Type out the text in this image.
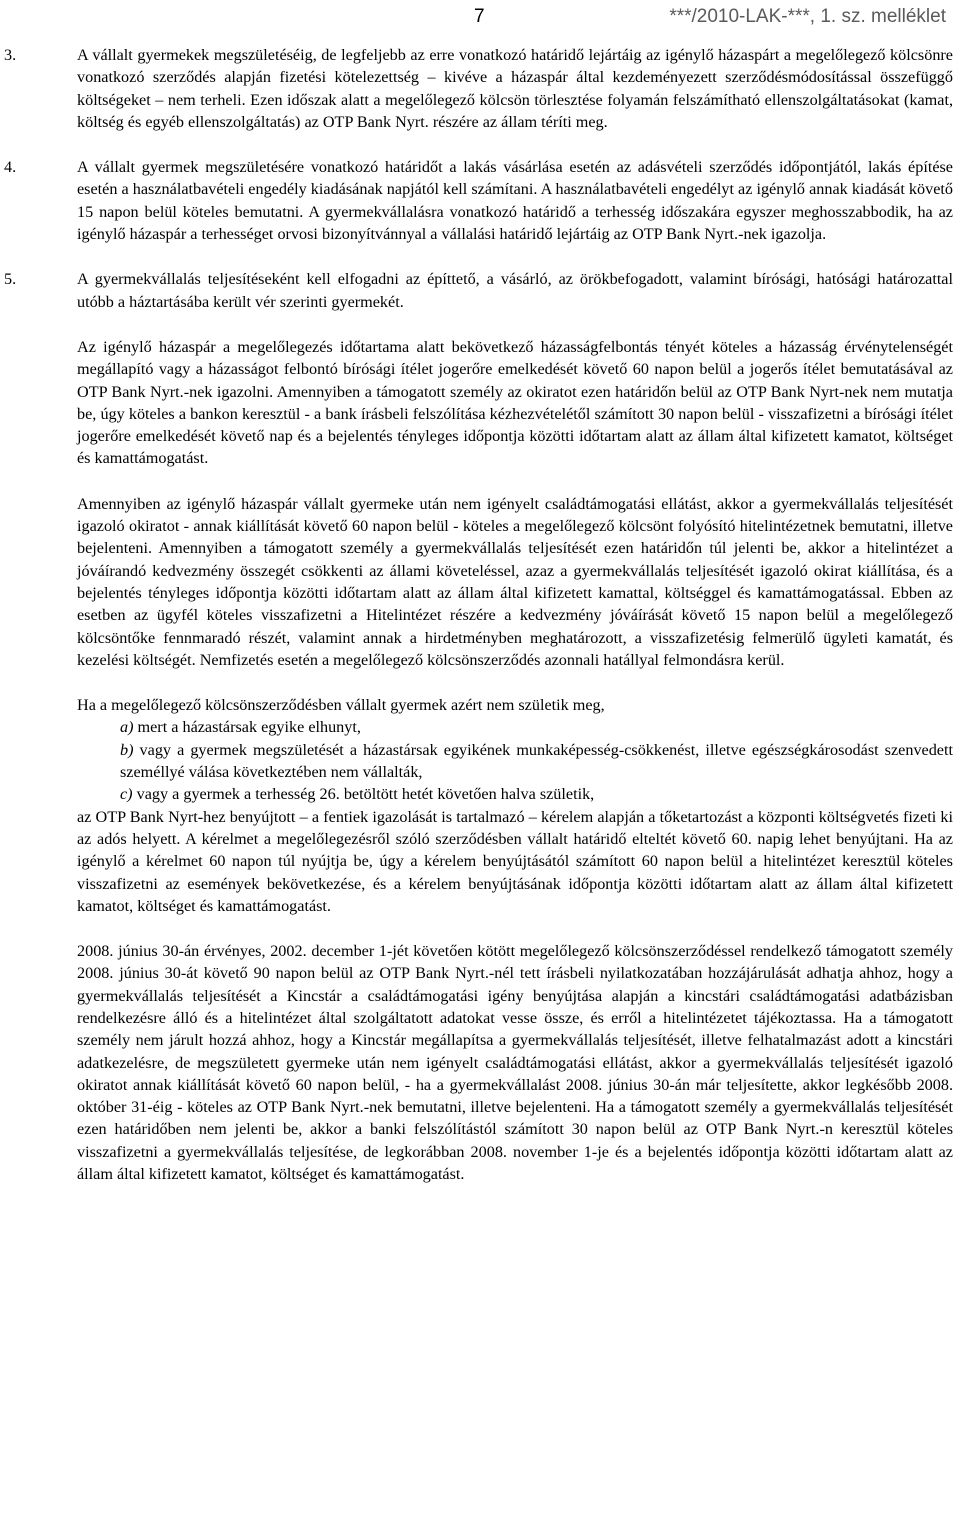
7	***/2010-LAK-***, 1. sz. melléklet
3.	A vállalt gyermekek megszületéséig, de legfeljebb az erre vonatkozó határidő lejártáig az igénylő házaspárt a megelőlegező kölcsönre vonatkozó szerződés alapján fizetési kötelezettség – kivéve a házaspár által kezdeményezett szerződésmódosítással összefüggő költségeket – nem terheli. Ezen időszak alatt a megelőlegező kölcsön törlesztése folyamán felszámítható ellenszolgáltatásokat (kamat, költség és egyéb ellenszolgáltatás) az OTP Bank Nyrt. részére az állam téríti meg.

4.	A vállalt gyermek megszületésére vonatkozó határidőt a lakás vásárlása esetén az adásvételi szerződés időpontjától, lakás építése esetén a használatbavételi engedély kiadásának napjától kell számítani. A használatbavételi engedélyt az igénylő annak kiadását követő 15 napon belül köteles bemutatni. A gyermekvállalásra vonatkozó határidő a terhesség időszakára egyszer meghosszabbodik, ha az igénylő házaspár a terhességet orvosi bizonyítvánnyal a vállalási határidő lejártáig az OTP Bank Nyrt.-nek igazolja.

5.	A gyermekvállalás teljesítéseként kell elfogadni az építtető, a vásárló, az örökbefogadott, valamint bírósági, hatósági határozattal utóbb a háztartásába került vér szerinti gyermekét.

Az igénylő házaspár a megelőlegezés időtartama alatt bekövetkező házasságfelbontás tényét köteles a házasság érvénytelenségét megállapító vagy a házasságot felbontó bírósági ítélet jogerőre emelkedését követő 60 napon belül a jogerős ítélet bemutatásával az OTP Bank Nyrt.-nek igazolni. Amennyiben a támogatott személy az okiratot ezen határidőn belül az OTP Bank Nyrt-nek nem mutatja be, úgy köteles a bankon keresztül - a bank írásbeli felszólítása kézhezvételétől számított 30 napon belül - visszafizetni a bírósági ítélet jogerőre emelkedését követő nap és a bejelentés tényleges időpontja közötti időtartam alatt az állam által kifizetett kamatot, költséget és kamattámogatást.

Amennyiben az igénylő házaspár vállalt gyermeke után nem igényelt családtámogatási ellátást, akkor a gyermekvállalás teljesítését igazoló okiratot - annak kiállítását követő 60 napon belül - köteles a megelőlegező kölcsönt folyósító hitelintézetnek bemutatni, illetve bejelenteni. Amennyiben a támogatott személy a gyermekvállalás teljesítését ezen határidőn túl jelenti be, akkor a hitelintézet a jóváírandó kedvezmény összegét csökkenti az állami követeléssel, azaz a gyermekvállalás teljesítését igazoló okirat kiállítása, és a bejelentés tényleges időpontja közötti időtartam alatt az állam által kifizetett kamattal, költséggel és kamattámogatással. Ebben az esetben az ügyfél köteles visszafizetni a Hitelintézet részére a kedvezmény jóváírását követő 15 napon belül a megelőlegező kölcsöntőke fennmaradó részét, valamint annak a hirdetményben meghatározott, a visszafizetésig felmerülő ügyleti kamatát, és kezelési költségét. Nemfizetés esetén a megelőlegező kölcsönszerződés azonnali hatállyal felmondásra kerül.

Ha a megelőlegező kölcsönszerződésben vállalt gyermek azért nem születik meg,

a) mert a házastársak egyike elhunyt,

b) vagy a gyermek megszületését a házastársak egyikének munkaképesség-csökkenést, illetve egészségkárosodást szenvedett személlyé válása következtében nem vállalták,

c) vagy a gyermek a terhesség 26. betöltött hetét követően halva születik,

az OTP Bank Nyrt-hez benyújtott – a fentiek igazolását is tartalmazó – kérelem alapján a tőketartozást a központi költségvetés fizeti ki az adós helyett. A kérelmet a megelőlegezésről szóló szerződésben vállalt határidő elteltét követő 60. napig lehet benyújtani. Ha az igénylő a kérelmet 60 napon túl nyújtja be, úgy a kérelem benyújtásától számított 60 napon belül a hitelintézet keresztül köteles visszafizetni az események bekövetkezése, és a kérelem benyújtásának időpontja közötti időtartam alatt az állam által kifizetett kamatot, költséget és kamattámogatást.

2008. június 30-án érvényes, 2002. december 1-jét követően kötött megelőlegező kölcsönszerződéssel rendelkező támogatott személy 2008. június 30-át követő 90 napon belül az OTP Bank Nyrt.-nél tett írásbeli nyilatkozatában hozzájárulását adhatja ahhoz, hogy a gyermekvállalás teljesítését a Kincstár a családtámogatási igény benyújtása alapján a kincstári családtámogatási adatbázisban rendelkezésre álló és a hitelintézet által szolgáltatott adatokat vesse össze, és erről a hitelintézetet tájékoztassa. Ha a támogatott személy nem járult hozzá ahhoz, hogy a Kincstár megállapítsa a gyermekvállalás teljesítését, illetve felhatalmazást adott a kincstári adatkezelésre, de megszületett gyermeke után nem igényelt családtámogatási ellátást, akkor a gyermekvállalás teljesítését igazoló okiratot annak kiállítását követő 60 napon belül, - ha a gyermekvállalást 2008. június 30-án már teljesítette, akkor legkésőbb 2008. október 31-éig - köteles az OTP Bank Nyrt.-nek bemutatni, illetve bejelenteni. Ha a támogatott személy a gyermekvállalás teljesítését ezen határidőben nem jelenti be, akkor a banki felszólítástól számított 30 napon belül az OTP Bank Nyrt.-n keresztül köteles visszafizetni a gyermekvállalás teljesítése, de legkorábban 2008. november 1-je és a bejelentés időpontja közötti időtartam alatt az állam által kifizetett kamatot, költséget és kamattámogatást.
